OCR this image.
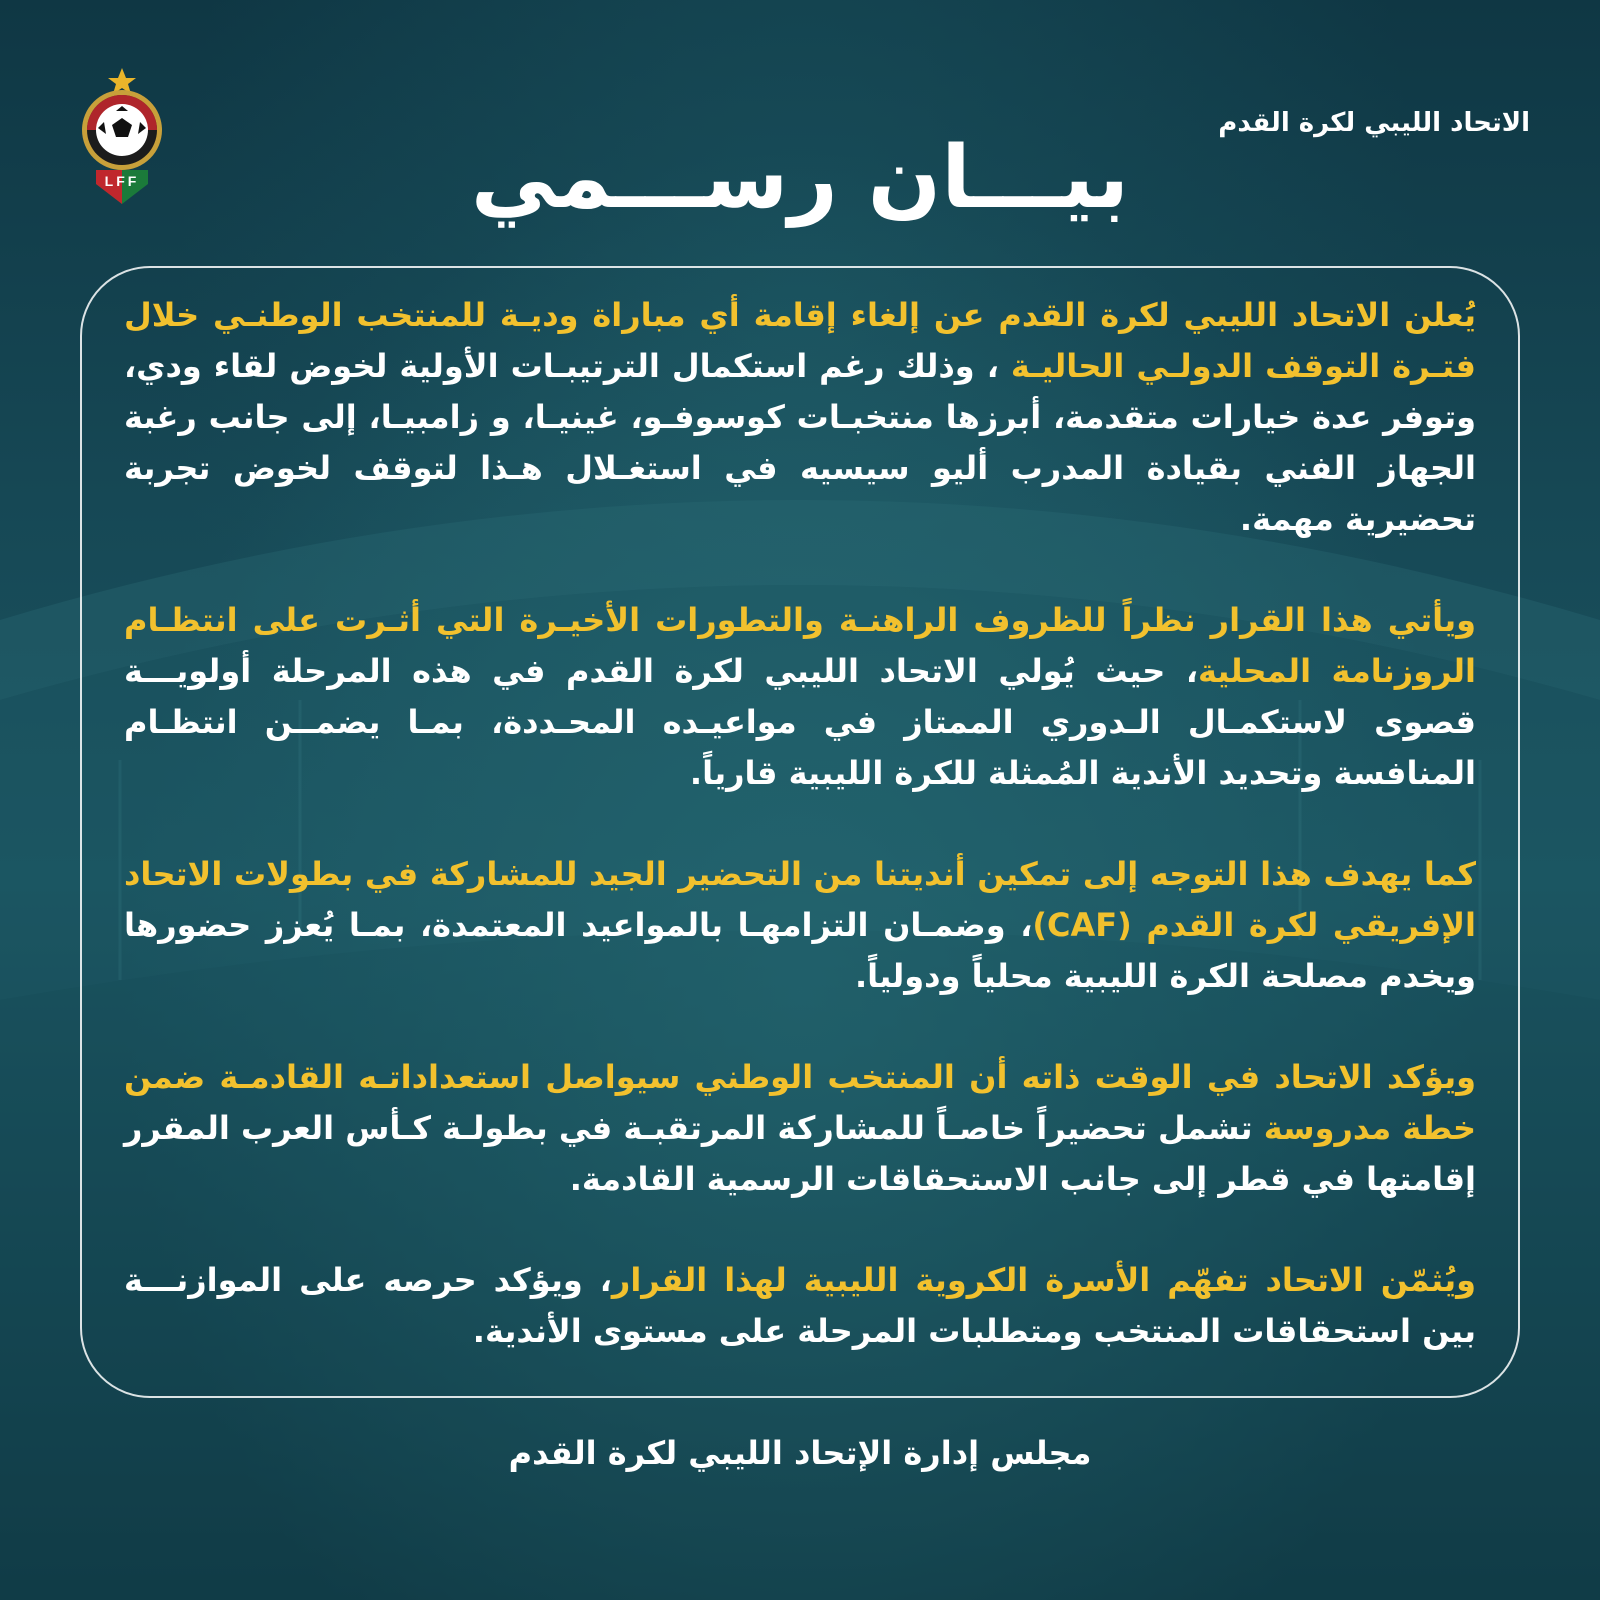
LFF
الاتحاد الليبي لكرة القدم
بيـــان رســـمي

يُعلن الاتحاد الليبي لكرة القدم عن إلغاء إقامة أي مباراة وديـة للمنتخب الوطنـي خلال فتـرة التوقف الدولـي الحاليـة ، وذلك رغم استكمال الترتيبـات الأولية لخوض لقاء ودي، وتوفر عدة خيارات متقدمة، أبرزها منتخبـات كوسوفـو، غينيـا، و زامبيـا، إلى جانب رغبة الجهاز الفني بقيادة المدرب أليو سيسيه في استغـلال هـذا لتوقف لخوض تجربة تحضيرية مهمة.

ويأتي هذا القرار نظراً للظروف الراهنـة والتطورات الأخيـرة التي أثـرت على انتظـام الروزنامة المحلية، حيث يُولي الاتحاد الليبي لكرة القدم في هذه المرحلة أولويـــة قصوى لاستكمـال الـدوري الممتاز في مواعيـده المحـددة، بمـا يضمــن انتظـام المنافسة وتحديد الأندية المُمثلة للكرة الليبية قارياً.

كما يهدف هذا التوجه إلى تمكين أنديتنا من التحضير الجيد للمشاركة في بطولات الاتحاد الإفريقي لكرة القدم (CAF)، وضمـان التزامهـا بالمواعيد المعتمدة، بمـا يُعزز حضورها ويخدم مصلحة الكرة الليبية محلياً ودولياً.

ويؤكد الاتحاد في الوقت ذاته أن المنتخب الوطني سيواصل استعداداتـه القادمـة ضمن خطة مدروسة تشمل تحضيراً خاصـاً للمشاركة المرتقبـة في بطولـة كـأس العرب المقرر إقامتها في قطر إلى جانب الاستحقاقات الرسمية القادمة.

ويُثمّن الاتحاد تفهّم الأسرة الكروية الليبية لهذا القرار، ويؤكد حرصه على الموازنـــة بين استحقاقات المنتخب ومتطلبات المرحلة على مستوى الأندية.

مجلس إدارة الإتحاد الليبي لكرة القدم
